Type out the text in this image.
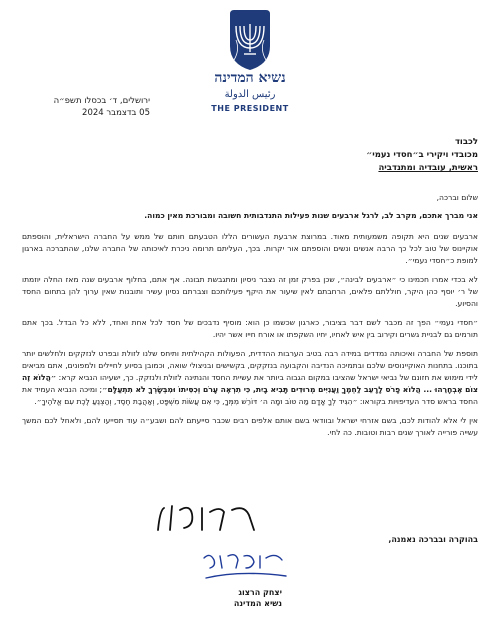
נשיא המדינה
رئيس الدولة
THE PRESIDENT
ירושלים, ד׳ בכסלו תשפ״ה
05 בדצמבר 2024
לכבוד
מכובדי ויקירי ב״חסדי נעמי״
ראשית, עובדיה ומתנדביה

שלום וברכה,

אני מברך אתכם, מקרב לב, לרגל ארבעים שנות פעילות התנדבותית חשובה ומבורכת מאין כמוה.

ארבעים שנים היא תקופה משמעותית מאוד. במרוצת ארבעת העשורים הללו הטבעתם חותם של ממש על החברה הישראלית, והוספתם אוקיינוס של טוב לכל כך הרבה אנשים ונשים והוספתם אור יקרות. בכך, העליתם תרומה ניכרת לאיכותה של החברה שלנו, שהתברכה בארגון למופת כ״חסדי נעמי״.

לא בכדי אמרו חכמינו כי ״ארבעים לבינה״, שכן בפרק זמן זה נצבר ניסיון ומתגבשת תבונה. אף אתם, בחלוף ארבעים שנה מאז החלה יוזמתו של ר׳ יוסף כהן היקר, חוללתם פלאים, הרחבתם לאין שיעור את היקף פעילותכם וצברתם נסיון עשיר ותובנות שאין ערוך להן בתחום החסד והסיוע.

״חסדי נעמי״ הפך זה מכבר לשם דבר בציבור, כארגון שכשמו כן הוא: מוסיף נדבכים של חסד לכל אחת ואחד, ללא כל הבדל. בכך אתם תורמים גם לבניית גשרים וקירוב בין איש לאחיו, יחיו השקפתו או אורח חייו אשר יהיו.

תוספת של החברה ואיכותה נמדדים במידה רבה בטיב הערבות ההדדית, הפעולות הקהילתית ותיחס שלנו לזולת ובפרט לנזקקים ולחלשים יותר בתוכנו. בתחנות האוקיינוסים שלכם ובתמיכה הנדיבה והקבועה בנזקקים, בקשישים ובניצולי שואה, וכמובן בסיוע לחיילים ולמפונים, אתם מביאים לידי מימוש את חזונם של נביאי ישראל שהציבו במקום הגבוה ביותר את עשיית החסד והנתינה לזולת ולנזקק. כך, ישעיהו הנביא קרא: ״הֲלוֹא זֶה צוֹם אֶבְחָרֵהוּ ... הֲלוֹא פָרֹס לָרָעֵב לַחְמֶךָ וַעֲנִיִּים מְרוּדִים תָּבִיא בָיִת, כִּי תִרְאֶה עָרֹם וְכִסִּיתוֹ וּמִבְּשָׂרְךָ לֹא תִתְעַלָּם״; ומיכה הנביא העמיד את החסד בראש סדר העדיפויות בקוראו: ״הִגִּיד לְךָ אָדָם מַה טּוֹב וּמָה ה׳ דּוֹרֵשׁ מִמְּךָ, כִּי אִם עֲשׂוֹת מִשְׁפָּט, וְאַהֲבַת חֶסֶד, וְהַצְנֵעַ לֶכֶת עִם אֱלֹהֶיךָ״.

אין לי אלא להודות לכם, בשם אזרחי ישראל ובוודאי בשם אותם אלפים רבים שכבר סייעתם להם ושבע״ה עוד תסייעו להם, ולאחל לכם המשך עשייה פורייה לאורך שנים רבות וטובות. כה לחי.

בהוקרה ובברכה נאמנה,
יצחק הרצוג
נשיא המדינה
